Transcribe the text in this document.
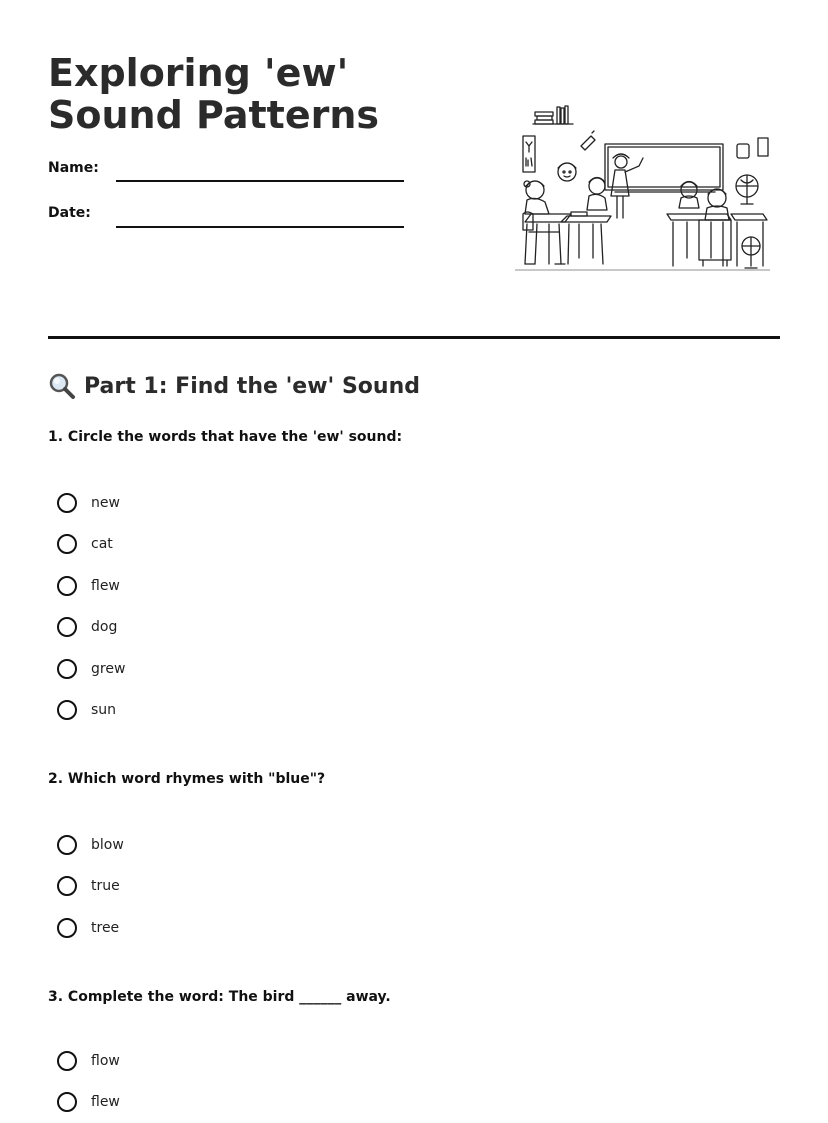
Exploring 'ew' Sound Patterns
Name:
Date:
Part 1: Find the 'ew' Sound
1. Circle the words that have the 'ew' sound:
new
cat
flew
dog
grew
sun
2. Which word rhymes with "blue"?
blow
true
tree
3. Complete the word: The bird ______ away.
flow
flew
